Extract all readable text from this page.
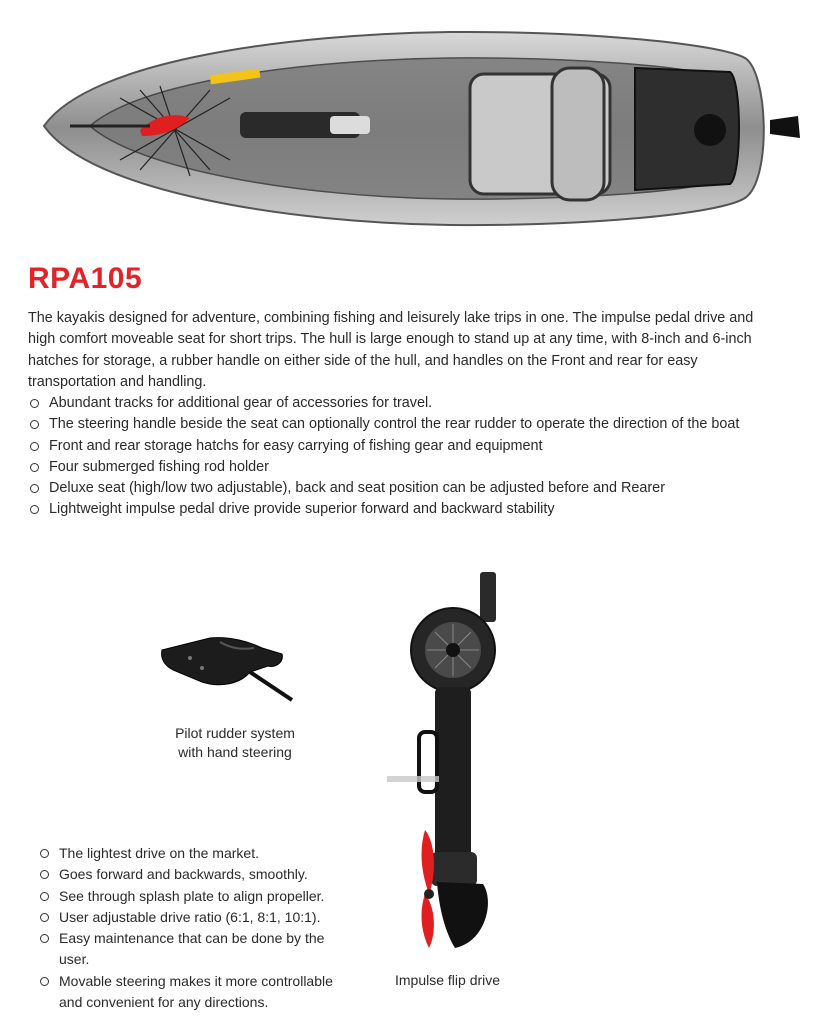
RPA105

The kayakis designed for adventure, combining fishing and leisurely lake trips in one. The impulse pedal drive and high comfort moveable seat for short trips. The hull is large enough to stand up at any time, with 8-inch and 6-inch hatches for storage, a rubber handle on either side of the hull, and handles on the Front and rear for easy transportation and handling.

Abundant tracks for additional gear of accessories for travel.
The steering handle beside the seat can optionally control the rear rudder to operate the direction of the boat
Front and rear storage hatchs for easy carrying of fishing gear and equipment
Four submerged fishing rod holder
Deluxe seat (high/low two adjustable), back and seat position can be adjusted before and Rearer
Lightweight impulse pedal drive provide superior forward and backward stability
Pilot rudder system
with hand steering
Impulse flip drive
The lightest drive on the market.
Goes forward and backwards, smoothly.
See through splash plate to align propeller.
User adjustable drive ratio (6:1, 8:1, 10:1).
Easy maintenance that can be done by the user.
Movable steering makes it more controllable and convenient for any directions.
